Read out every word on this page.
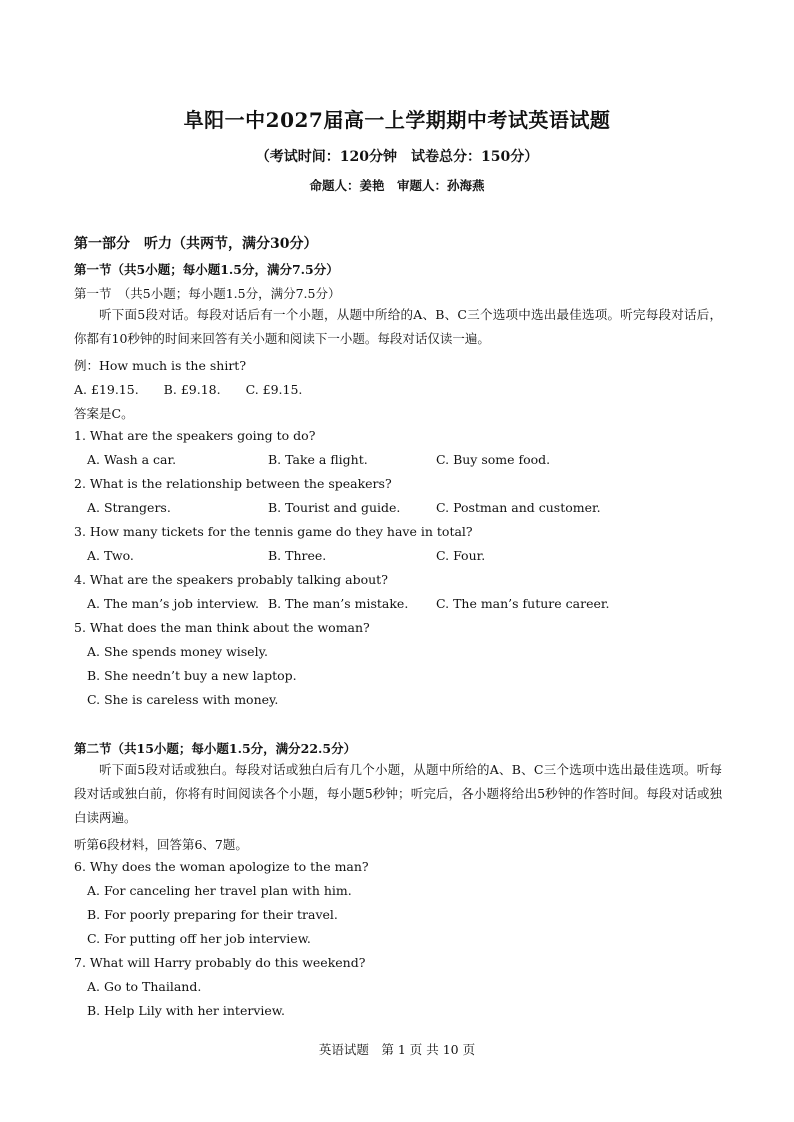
阜阳一中2027届高一上学期期中考试英语试题
（考试时间：120分钟　试卷总分：150分）
命题人：姜艳　审题人：孙海燕
第一部分　听力（共两节，满分30分）
第一节（共5小题；每小题1.5分，满分7.5分）
第一节　（共5小题；每小题1.5分，满分7.5分）
听下面5段对话。每段对话后有一个小题，从题中所给的A、B、C三个选项中选出最佳选项。听完每段对话后，你都有10秒钟的时间来回答有关小题和阅读下一小题。每段对话仅读一遍。
例：How much is the shirt?
A. £19.15.　　B. £9.18.　　C. £9.15.
答案是C。
1. What are the speakers going to do?
A. Wash a car.	B. Take a flight.	C. Buy some food.
2. What is the relationship between the speakers?
A. Strangers.	B. Tourist and guide.	C. Postman and customer.
3. How many tickets for the tennis game do they have in total?
A. Two.	B. Three.	C. Four.
4. What are the speakers probably talking about?
A. The man’s job interview. B. The man’s mistake. C. The man’s future career.
5. What does the man think about the woman?
A. She spends money wisely.
B. She needn’t buy a new laptop.
C. She is careless with money.
第二节（共15小题；每小题1.5分，满分22.5分）
听下面5段对话或独白。每段对话或独白后有几个小题，从题中所给的A、B、C三个选项中选出最佳选项。听每段对话或独白前，你将有时间阅读各个小题，每小题5秒钟；听完后，各小题将给出5秒钟的作答时间。每段对话或独白读两遍。
听第6段材料，回答第6、7题。
6. Why does the woman apologize to the man?
A. For canceling her travel plan with him.
B. For poorly preparing for their travel.
C. For putting off her job interview.
7. What will Harry probably do this weekend?
A. Go to Thailand.
B. Help Lily with her interview.
英语试题　第 1 页 共 10 页
